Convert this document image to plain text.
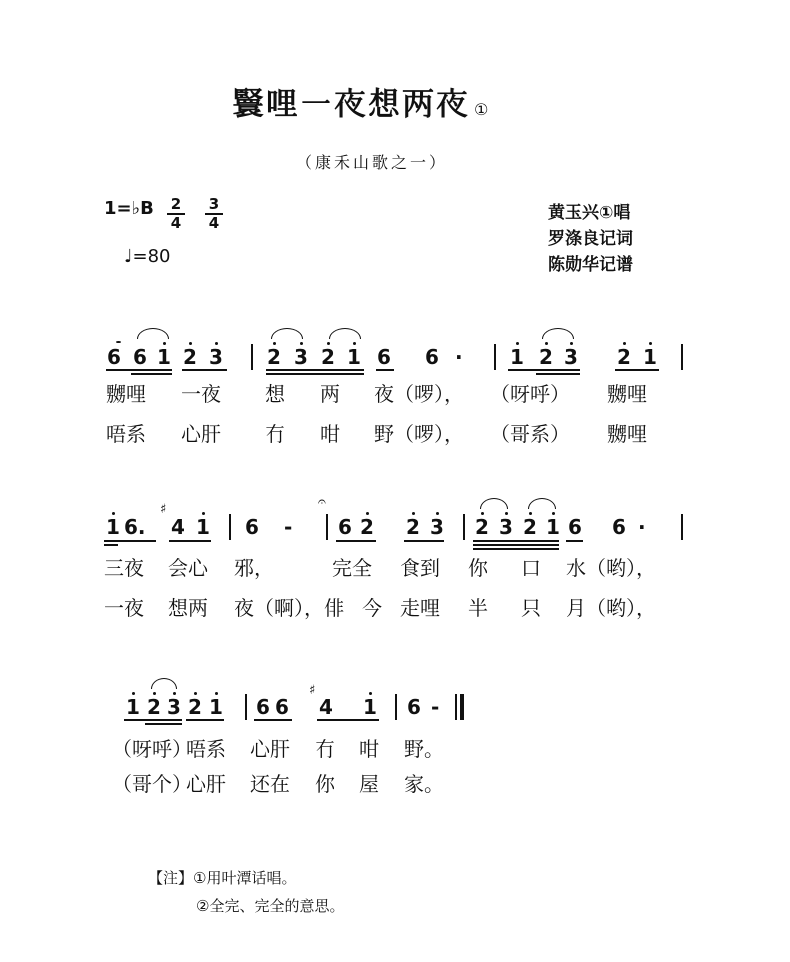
𦣴哩一夜想两夜 ①
（康禾山歌之一）
1=♭B $\frac{2}{4} \frac{3}{4}$
♩=80
黄玉兴①唱
罗涤良记词
陈勋华记谱
6 6 1 2 3 2 3 2 1 6 6 · 1 2 3 2 1
嬲哩 一夜 想 两 夜（啰）， （呀呼） 嬲哩
唔系 心肝 冇 咁 野（啰）， （哥系） 嬲哩
1 6.
♯
4 1 6 -
𝄐
6 2 2 3 2 3 2 1 6 6 ·
三夜 会心 邪，	完全 食到 你 口 水（哟），
一夜 想两 夜（啊），俳 今 走哩 半 只 月（哟），
1 2 3 2 1 6 6
♯
4 1 6 -
（呀呼）
唔系 心肝 冇 咁 野。
（哥个）
心肝 还在 你 屋 家。
【注】①用叶潭话唱。
②全完、完全的意思。
